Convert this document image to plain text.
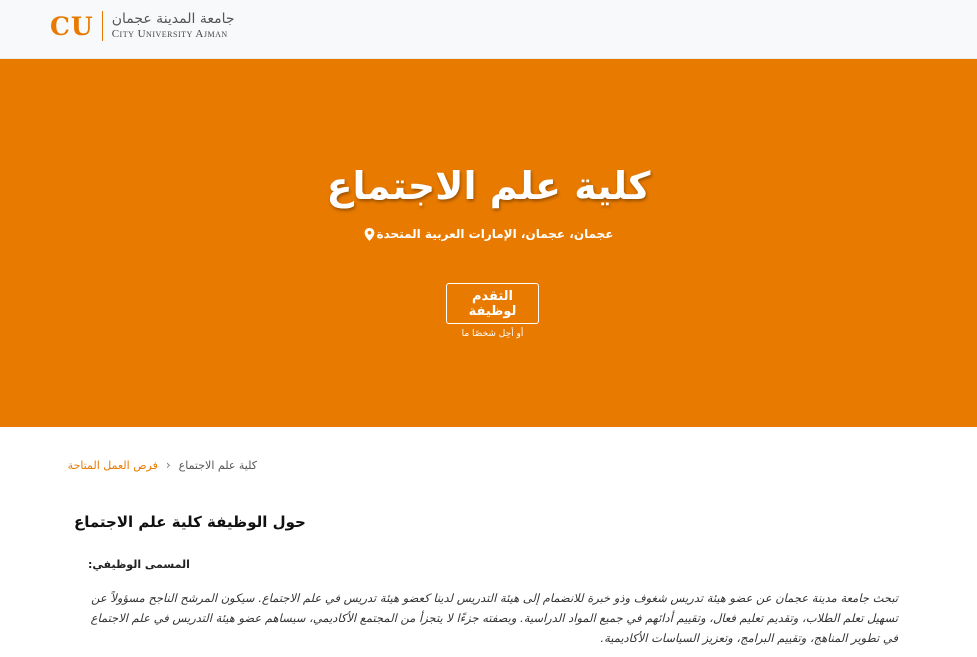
CU جامعة المدينة عجمان
City University Ajman
كلية علم الاجتماع
عجمان، عجمان، الإمارات العربية المتحدة
التقدم لوظيفة
أو أحِل شخصًا ما
فرص العمل المتاحة ‹ كلية علم الاجتماع
حول الوظيفة كلية علم الاجتماع
:المسمى الوظيفي

تبحث جامعة مدينة عجمان عن عضو هيئة تدريس شغوف وذو خبرة للانضمام إلى هيئة التدريس لدينا كعضو هيئة تدريس في علم الاجتماع. سيكون المرشح الناجح مسؤولاً عن تسهيل تعلم الطلاب، وتقديم تعليم فعال، وتقييم أدائهم في جميع المواد الدراسية. وبصفته جزءًا لا يتجزأ من المجتمع الأكاديمي، سيساهم عضو هيئة التدريس في علم الاجتماع في تطوير المناهج، وتقييم البرامج، وتعزيز السياسات الأكاديمية.
